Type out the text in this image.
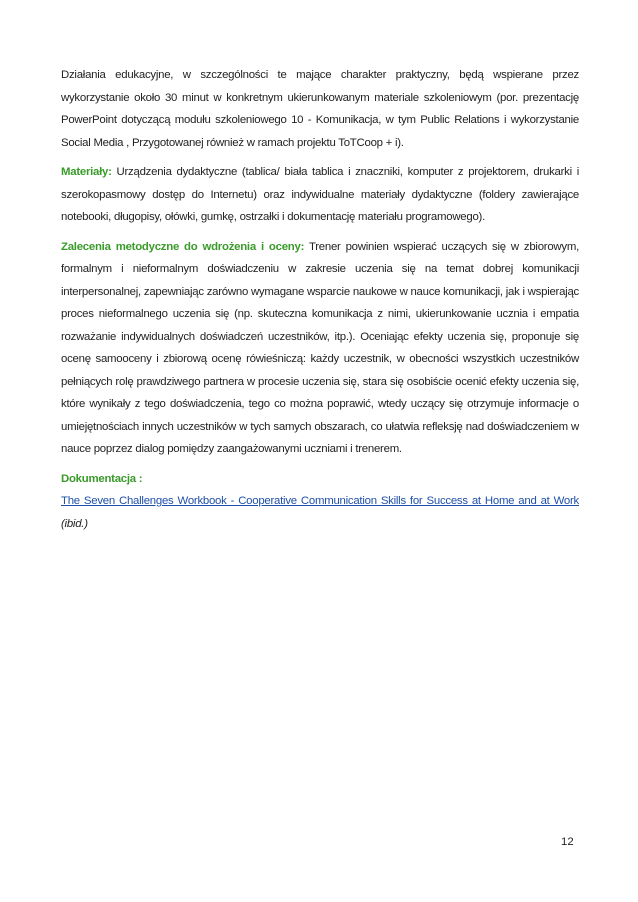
Działania edukacyjne, w szczególności te mające charakter praktyczny, będą wspierane przez wykorzystanie około 30 minut w konkretnym ukierunkowanym materiale szkoleniowym (por. prezentację PowerPoint dotyczącą modułu szkoleniowego 10 - Komunikacja, w tym Public Relations i wykorzystanie Social Media , Przygotowanej również w ramach projektu ToTCoop + i).

Materiały: Urządzenia dydaktyczne (tablica/ biała tablica i znaczniki, komputer z projektorem, drukarki i szerokopasmowy dostęp do Internetu) oraz indywidualne materiały dydaktyczne (foldery zawierające notebooki, długopisy, ołówki, gumkę, ostrzałki i dokumentację materiału programowego).

Zalecenia metodyczne do wdrożenia i oceny: Trener powinien wspierać uczących się w zbiorowym, formalnym i nieformalnym doświadczeniu w zakresie uczenia się na temat dobrej komunikacji interpersonalnej, zapewniając zarówno wymagane wsparcie naukowe w nauce komunikacji, jak i wspierając proces nieformalnego uczenia się (np. skuteczna komunikacja z nimi, ukierunkowanie ucznia i empatia rozważanie indywidualnych doświadczeń uczestników, itp.). Oceniając efekty uczenia się, proponuje się ocenę samooceny i zbiorową ocenę rówieśniczą: każdy uczestnik, w obecności wszystkich uczestników pełniących rolę prawdziwego partnera w procesie uczenia się, stara się osobiście ocenić efekty uczenia się, które wynikały z tego doświadczenia, tego co można poprawić, wtedy uczący się otrzymuje informacje o umiejętnościach innych uczestników w tych samych obszarach, co ułatwia refleksję nad doświadczeniem w nauce poprzez dialog pomiędzy zaangażowanymi uczniami i trenerem.

Dokumentacja :

The Seven Challenges Workbook - Cooperative Communication Skills for Success at Home and at Work (ibid.)

12
